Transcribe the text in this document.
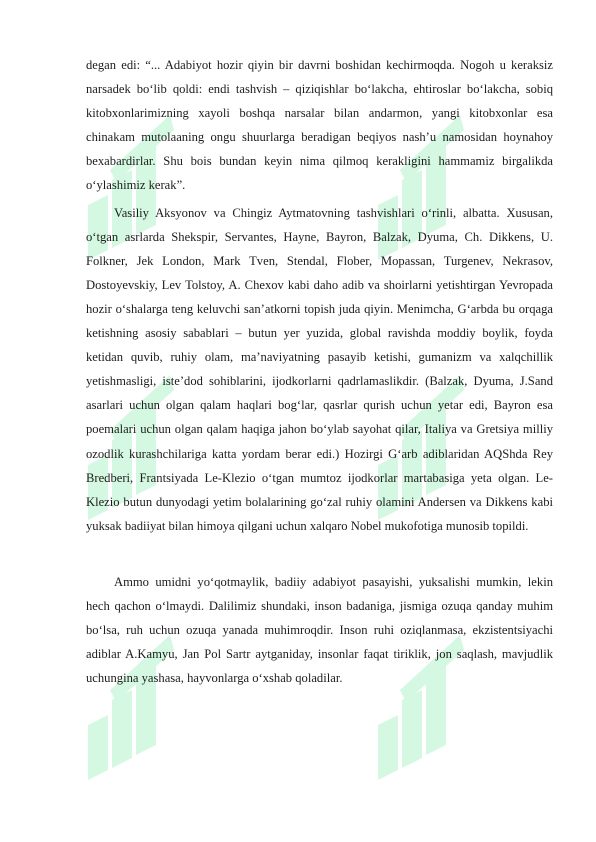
degan edi: “... Adabiyot hozir qiyin bir davrni boshidan kechirmoqda. Nogoh u keraksiz narsadek bo‘lib qoldi: endi tashvish – qiziqishlar bo‘lakcha, ehtiroslar bo‘lakcha, sobiq kitobxonlarimizning xayoli boshqa narsalar bilan andarmon, yangi kitobxonlar esa chinakam mutolaaning ongu shuurlarga beradigan beqiyos nash’u namosidan hoynahoy bexabardirlar. Shu bois bundan keyin nima qilmoq kerakligini hammamiz birgalikda o‘ylashimiz kerak”.

Vasiliy Aksyonov va Chingiz Aytmatovning tashvishlari o‘rinli, albatta. Xususan, o‘tgan asrlarda Shekspir, Servantes, Hayne, Bayron, Balzak, Dyuma, Ch. Dikkens, U. Folkner, Jek London, Mark Tven, Stendal, Flober, Mopassan, Turgenev, Nekrasov, Dostoyevskiy, Lev Tolstoy, A. Chexov kabi daho adib va shoirlarni yetishtirgan Yevropada hozir o‘shalarga teng keluvchi san’atkorni topish juda qiyin. Menimcha, G‘arbda bu orqaga ketishning asosiy sabablari – butun yer yuzida, global ravishda moddiy boylik, foyda ketidan quvib, ruhiy olam, ma’naviyatning pasayib ketishi, gumanizm va xalqchillik yetishmasligi, iste’dod sohiblarini, ijodkorlarni qadrlamaslikdir. (Balzak, Dyuma, J.Sand asarlari uchun olgan qalam haqlari bog‘lar, qasrlar qurish uchun yetar edi, Bayron esa poemalari uchun olgan qalam haqiga jahon bo‘ylab sayohat qilar, Italiya va Gretsiya milliy ozodlik kurashchilariga katta yordam berar edi.) Hozirgi G‘arb adiblaridan AQShda Rey Bredberi, Frantsiyada Le-Klezio o‘tgan mumtoz ijodkorlar martabasiga yeta olgan. Le-Klezio butun dunyodagi yetim bolalarining go‘zal ruhiy olamini Andersen va Dikkens kabi yuksak badiiyat bilan himoya qilgani uchun xalqaro Nobel mukofotiga munosib topildi.

Ammo umidni yo‘qotmaylik, badiiy adabiyot pasayishi, yuksalishi mumkin, lekin hech qachon o‘lmaydi. Dalilimiz shundaki, inson badaniga, jismiga ozuqa qanday muhim bo‘lsa, ruh uchun ozuqa yanada muhimroqdir. Inson ruhi oziqlanmasa, ekzistentsiyachi adiblar A.Kamyu, Jan Pol Sartr aytganiday, insonlar faqat tiriklik, jon saqlash, mavjudlik uchungina yashasa, hayvonlarga o‘xshab qoladilar.
